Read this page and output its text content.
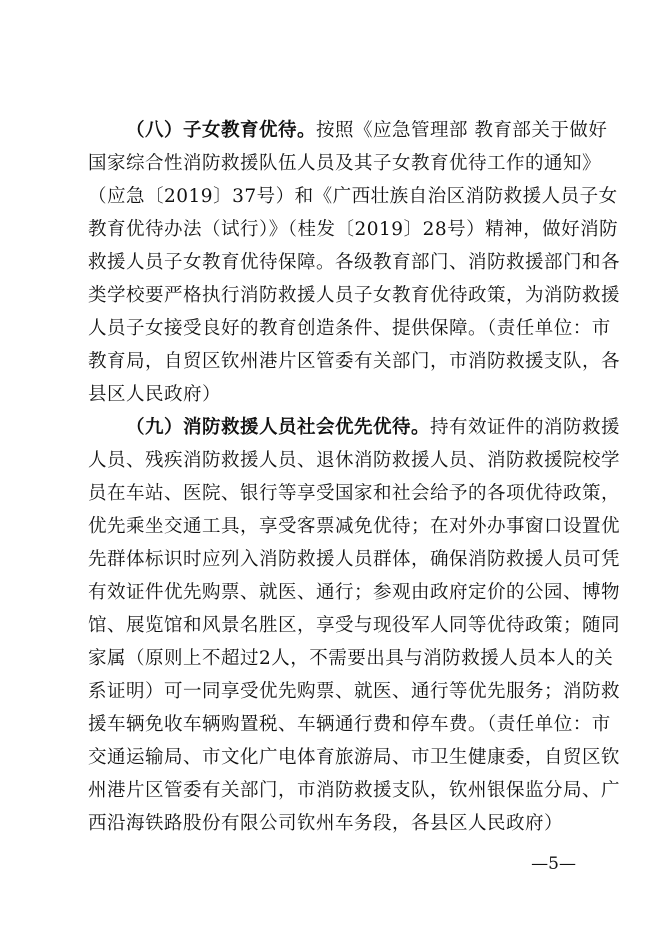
（八）子女教育优待。按照《应急管理部 教育部关于做好
国家综合性消防救援队伍人员及其子女教育优待工作的通知》
（应急〔2019〕37号）和《广西壮族自治区消防救援人员子女
教育优待办法（试行）》（桂发〔2019〕28号）精神，做好消防
救援人员子女教育优待保障。各级教育部门、消防救援部门和各
类学校要严格执行消防救援人员子女教育优待政策，为消防救援
人员子女接受良好的教育创造条件、提供保障。（责任单位：市
教育局，自贸区钦州港片区管委有关部门，市消防救援支队，各
县区人民政府）
（九）消防救援人员社会优先优待。持有效证件的消防救援
人员、残疾消防救援人员、退休消防救援人员、消防救援院校学
员在车站、医院、银行等享受国家和社会给予的各项优待政策，
优先乘坐交通工具，享受客票减免优待；在对外办事窗口设置优
先群体标识时应列入消防救援人员群体，确保消防救援人员可凭
有效证件优先购票、就医、通行；参观由政府定价的公园、博物
馆、展览馆和风景名胜区，享受与现役军人同等优待政策；随同
家属（原则上不超过2人，不需要出具与消防救援人员本人的关
系证明）可一同享受优先购票、就医、通行等优先服务；消防救
援车辆免收车辆购置税、车辆通行费和停车费。（责任单位：市
交通运输局、市文化广电体育旅游局、市卫生健康委，自贸区钦
州港片区管委有关部门，市消防救援支队，钦州银保监分局、广
西沿海铁路股份有限公司钦州车务段，各县区人民政府）
—5—
